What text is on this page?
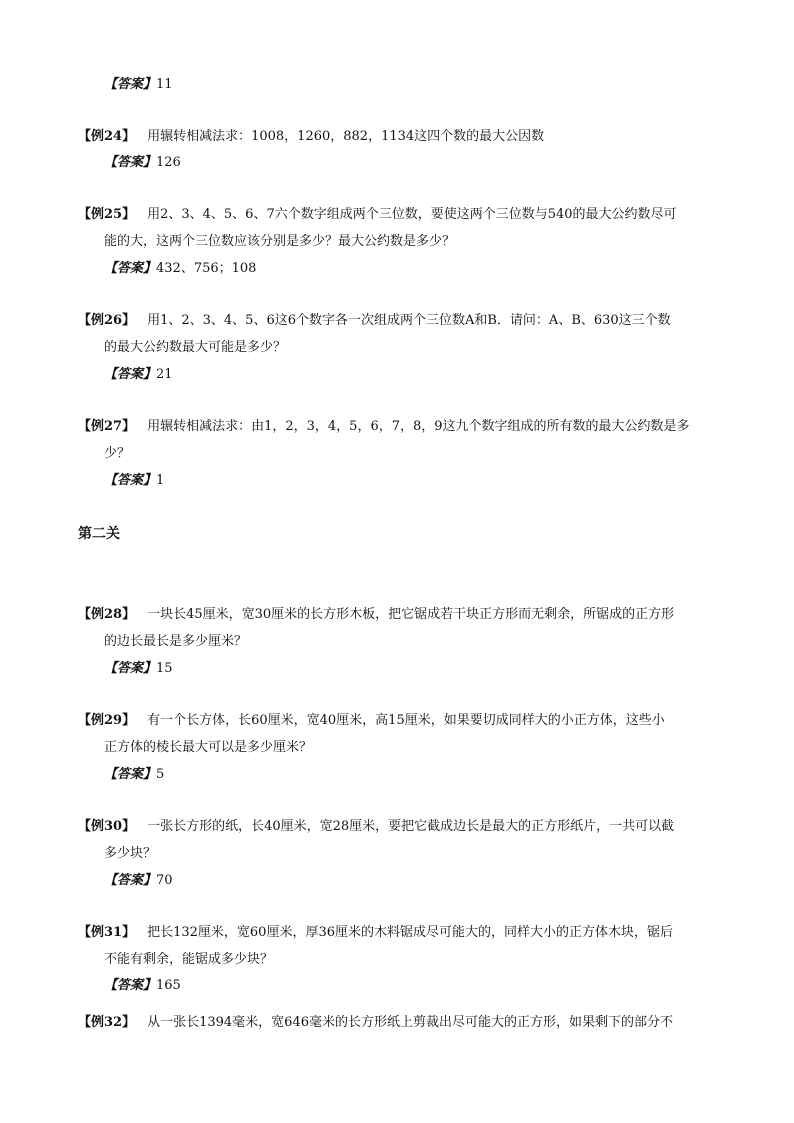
【答案】11
【例24】 用辗转相减法求：1008，1260，882，1134这四个数的最大公因数
【答案】126
【例25】 用2、3、4、5、6、7六个数字组成两个三位数，要使这两个三位数与540的最大公约数尽可
能的大，这两个三位数应该分别是多少？最大公约数是多少？
【答案】432、756；108
【例26】 用1、2、3、4、5、6这6个数字各一次组成两个三位数A和B．请问：A、B、630这三个数
的最大公约数最大可能是多少？
【答案】21
【例27】 用辗转相减法求：由1，2，3，4，5，6，7，8，9这九个数字组成的所有数的最大公约数是多
少？
【答案】1
第二关
【例28】 一块长45厘米，宽30厘米的长方形木板，把它锯成若干块正方形而无剩余，所锯成的正方形
的边长最长是多少厘米？
【答案】15
【例29】 有一个长方体，长60厘米，宽40厘米，高15厘米，如果要切成同样大的小正方体，这些小
正方体的棱长最大可以是多少厘米？
【答案】5
【例30】 一张长方形的纸，长40厘米，宽28厘米，要把它截成边长是最大的正方形纸片，一共可以截
多少块？
【答案】70
【例31】 把长132厘米，宽60厘米，厚36厘米的木料锯成尽可能大的，同样大小的正方体木块，锯后
不能有剩余，能锯成多少块？
【答案】165
【例32】 从一张长1394毫米，宽646毫米的长方形纸上剪裁出尽可能大的正方形，如果剩下的部分不
